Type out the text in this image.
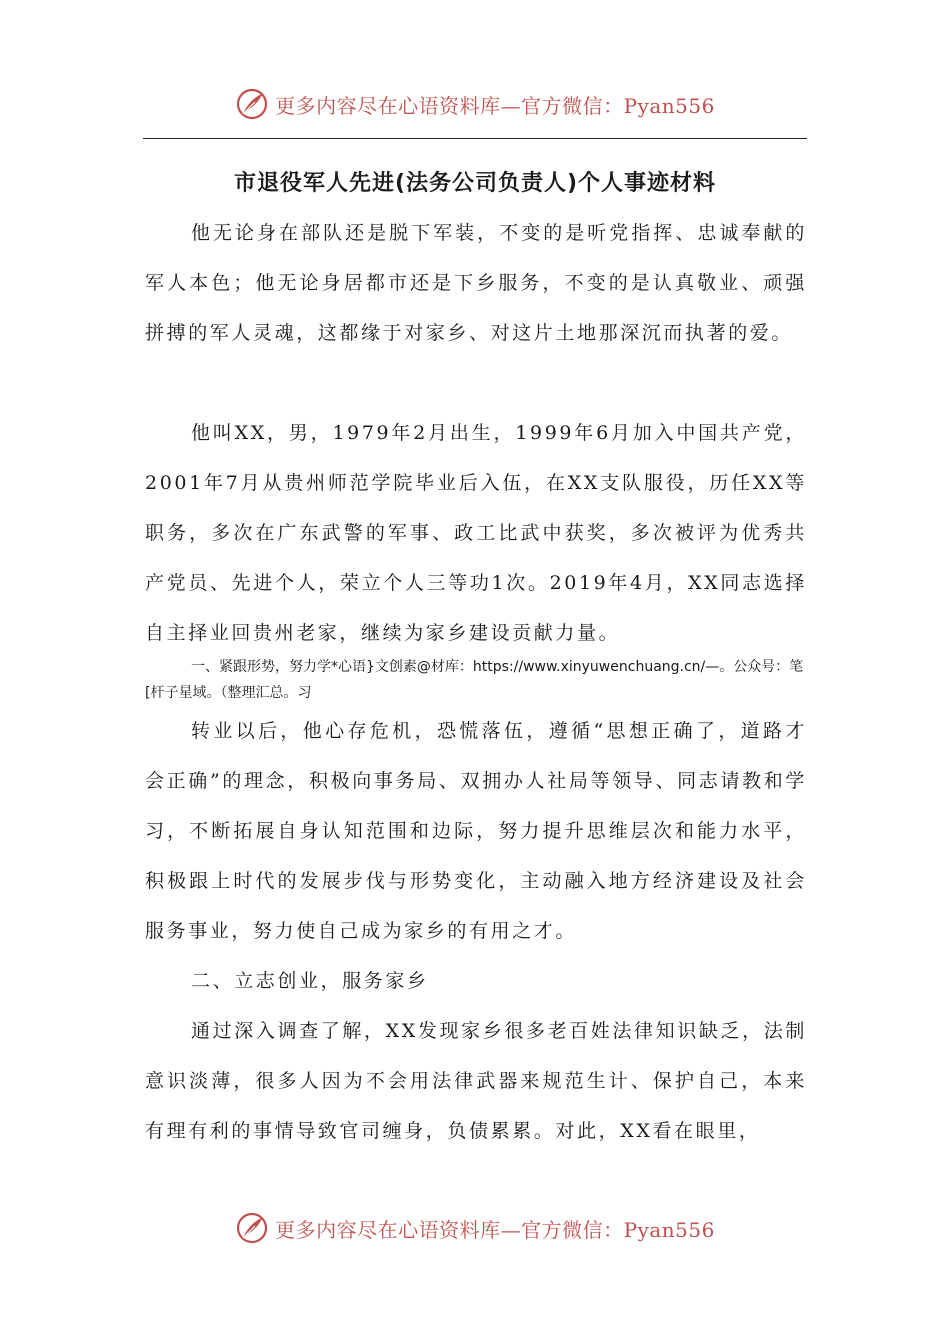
更多内容尽在心语资料库—官方微信：Pyan556
市退役军人先进(法务公司负责人)个人事迹材料

他无论身在部队还是脱下军装，不变的是听党指挥、忠诚奉献的军人本色；他无论身居都市还是下乡服务，不变的是认真敬业、顽强拼搏的军人灵魂，这都缘于对家乡、对这片土地那深沉而执著的爱。

他叫XX，男，1979年2月出生，1999年6月加入中国共产党，2001年7月从贵州师范学院毕业后入伍，在XX支队服役，历任XX等职务，多次在广东武警的军事、政工比武中获奖，多次被评为优秀共产党员、先进个人，荣立个人三等功1次。2019年4月，XX同志选择自主择业回贵州老家，继续为家乡建设贡献力量。

一、紧跟形势，努力学*心语}文创素@材库：https://www.xinyuwenchuang.cn/—。公众号：笔[杆子星域。（整理汇总。习

转业以后，他心存危机，恐慌落伍，遵循“思想正确了，道路才会正确”的理念，积极向事务局、双拥办人社局等领导、同志请教和学习，不断拓展自身认知范围和边际，努力提升思维层次和能力水平，积极跟上时代的发展步伐与形势变化，主动融入地方经济建设及社会服务事业，努力使自己成为家乡的有用之才。

二、立志创业，服务家乡

通过深入调查了解，XX发现家乡很多老百姓法律知识缺乏，法制意识淡薄，很多人因为不会用法律武器来规范生计、保护自己，本来有理有利的事情导致官司缠身，负债累累。对此，XX看在眼里，

更多内容尽在心语资料库—官方微信：Pyan556
